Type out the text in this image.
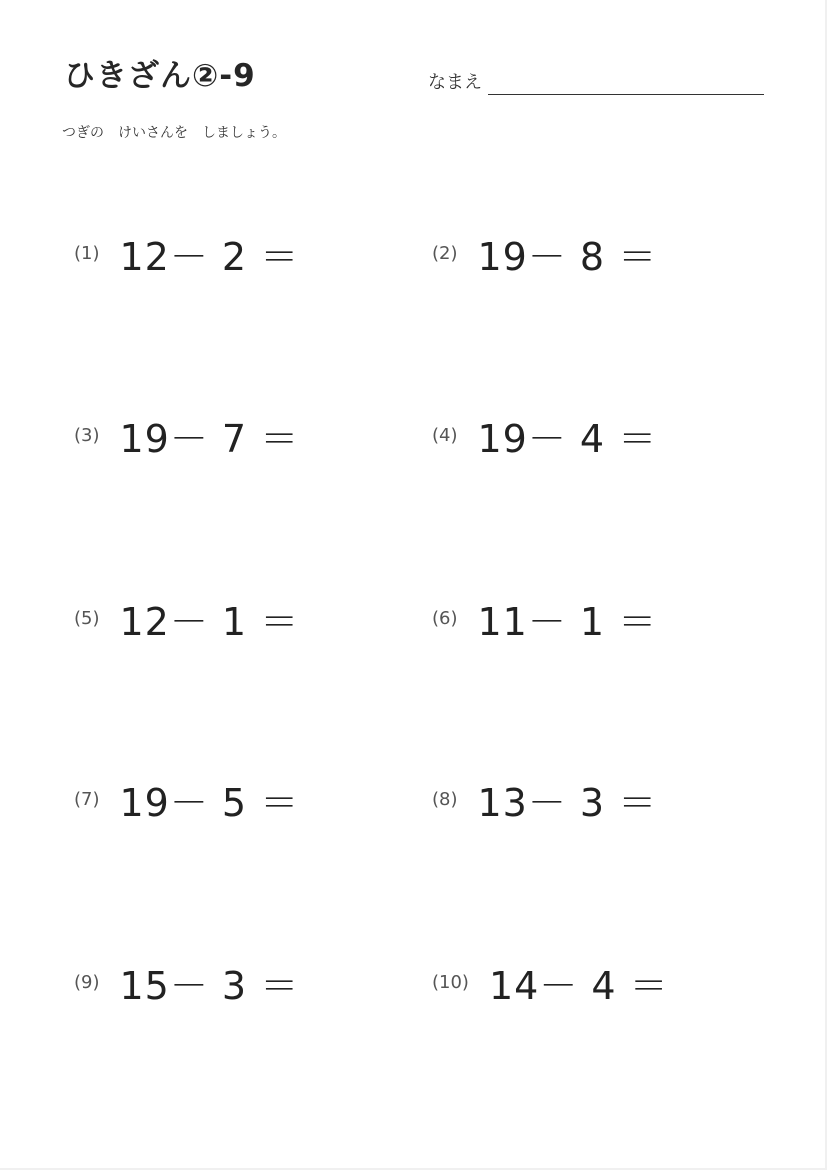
ひきざん②-9	なまえ
つぎの　けいさんを　しましょう。
(1) 12－ 2 ＝	(2) 19－ 8 ＝
(3) 19－ 7 ＝	(4) 19－ 4 ＝
(5) 12－ 1 ＝	(6) 11－ 1 ＝
(7) 19－ 5 ＝	(8) 13－ 3 ＝
(9) 15－ 3 ＝	(10) 14－ 4 ＝
